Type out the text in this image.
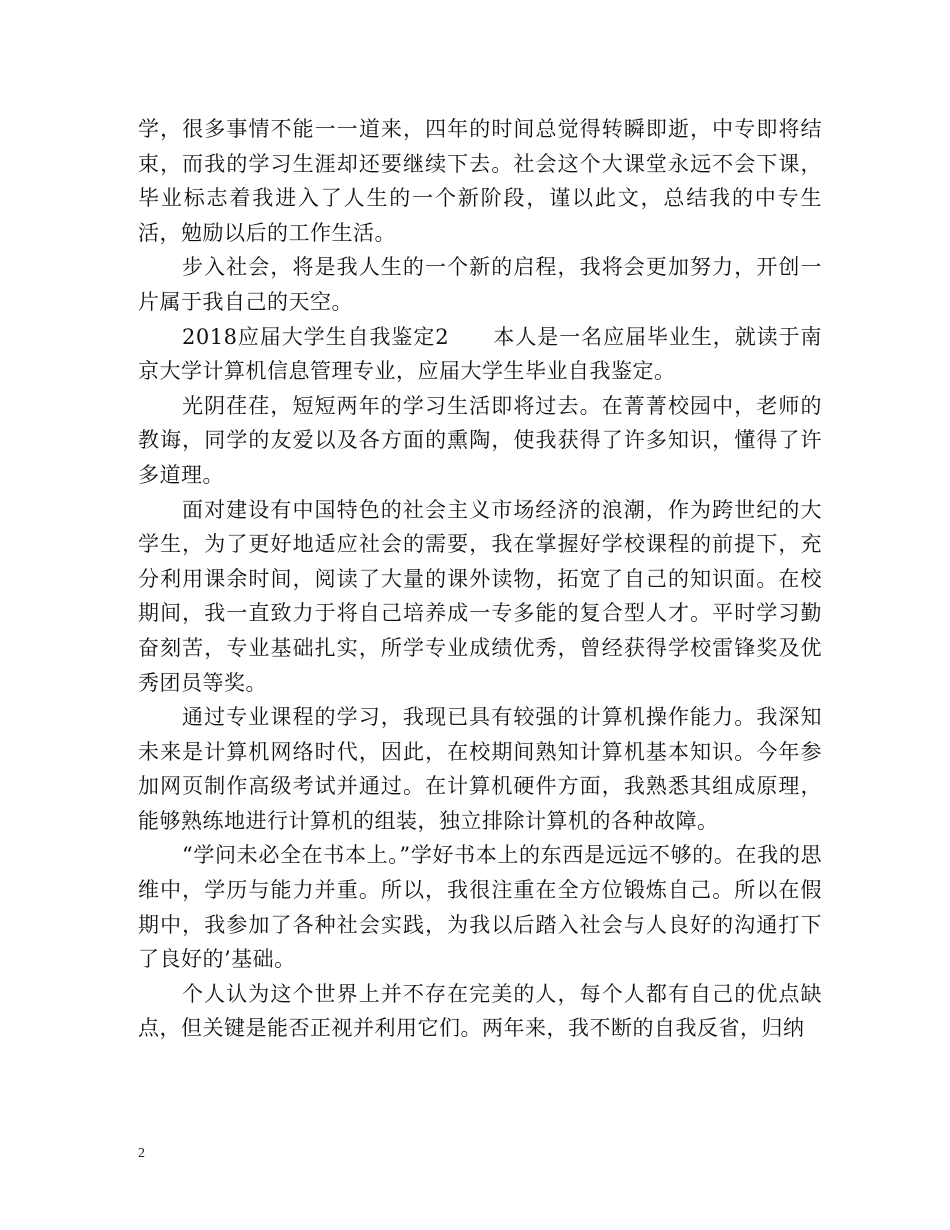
学，很多事情不能一一道来，四年的时间总觉得转瞬即逝，中专即将结束，而我的学习生涯却还要继续下去。社会这个大课堂永远不会下课，毕业标志着我进入了人生的一个新阶段，谨以此文，总结我的中专生活，勉励以后的工作生活。

步入社会，将是我人生的一个新的启程，我将会更加努力，开创一片属于我自己的天空。

2018应届大学生自我鉴定2　　本人是一名应届毕业生，就读于南京大学计算机信息管理专业，应届大学生毕业自我鉴定。

光阴荏荏，短短两年的学习生活即将过去。在菁菁校园中，老师的教诲，同学的友爱以及各方面的熏陶，使我获得了许多知识，懂得了许多道理。

面对建设有中国特色的社会主义市场经济的浪潮，作为跨世纪的大学生，为了更好地适应社会的需要，我在掌握好学校课程的前提下，充分利用课余时间，阅读了大量的课外读物，拓宽了自己的知识面。在校期间，我一直致力于将自己培养成一专多能的复合型人才。平时学习勤奋刻苦，专业基础扎实，所学专业成绩优秀，曾经获得学校雷锋奖及优秀团员等奖。

通过专业课程的学习，我现已具有较强的计算机操作能力。我深知未来是计算机网络时代，因此，在校期间熟知计算机基本知识。今年参加网页制作高级考试并通过。在计算机硬件方面，我熟悉其组成原理，能够熟练地进行计算机的组装，独立排除计算机的各种故障。

“学问未必全在书本上。”学好书本上的东西是远远不够的。在我的思维中，学历与能力并重。所以，我很注重在全方位锻炼自己。所以在假期中，我参加了各种社会实践，为我以后踏入社会与人良好的沟通打下了良好的’基础。

个人认为这个世界上并不存在完美的人，每个人都有自己的优点缺点，但关键是能否正视并利用它们。两年来，我不断的自我反省，归纳

2
